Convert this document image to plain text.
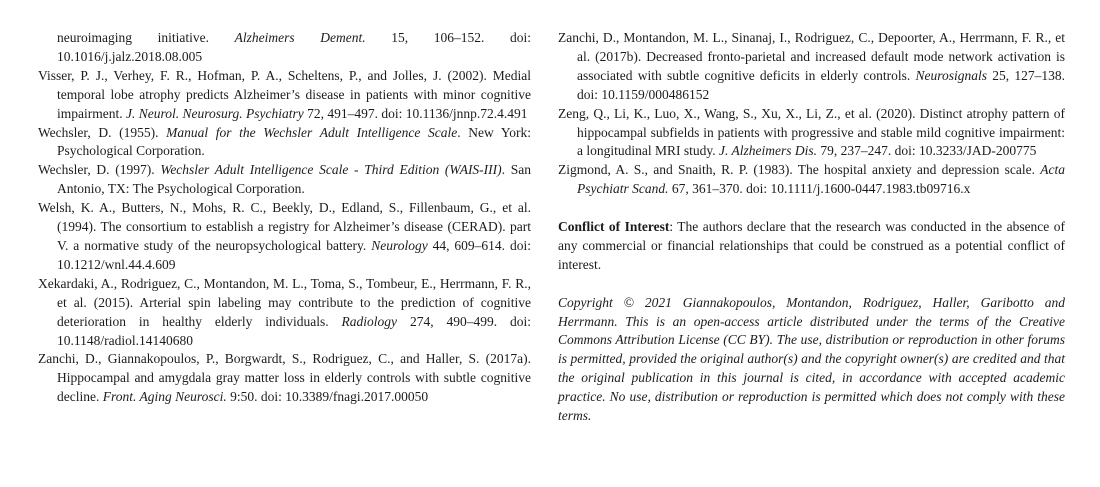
neuroimaging initiative. Alzheimers Dement. 15, 106–152. doi: 10.1016/j.jalz.2018.08.005

Visser, P. J., Verhey, F. R., Hofman, P. A., Scheltens, P., and Jolles, J. (2002). Medial temporal lobe atrophy predicts Alzheimer’s disease in patients with minor cognitive impairment. J. Neurol. Neurosurg. Psychiatry 72, 491–497. doi: 10.1136/jnnp.72.4.491

Wechsler, D. (1955). Manual for the Wechsler Adult Intelligence Scale. New York: Psychological Corporation.

Wechsler, D. (1997). Wechsler Adult Intelligence Scale - Third Edition (WAIS-III). San Antonio, TX: The Psychological Corporation.

Welsh, K. A., Butters, N., Mohs, R. C., Beekly, D., Edland, S., Fillenbaum, G., et al. (1994). The consortium to establish a registry for Alzheimer’s disease (CERAD). part V. a normative study of the neuropsychological battery. Neurology 44, 609–614. doi: 10.1212/wnl.44.4.609

Xekardaki, A., Rodriguez, C., Montandon, M. L., Toma, S., Tombeur, E., Herrmann, F. R., et al. (2015). Arterial spin labeling may contribute to the prediction of cognitive deterioration in healthy elderly individuals. Radiology 274, 490–499. doi: 10.1148/radiol.14140680

Zanchi, D., Giannakopoulos, P., Borgwardt, S., Rodriguez, C., and Haller, S. (2017a). Hippocampal and amygdala gray matter loss in elderly controls with subtle cognitive decline. Front. Aging Neurosci. 9:50. doi: 10.3389/fnagi.2017.00050

Zanchi, D., Montandon, M. L., Sinanaj, I., Rodriguez, C., Depoorter, A., Herrmann, F. R., et al. (2017b). Decreased fronto-parietal and increased default mode network activation is associated with subtle cognitive deficits in elderly controls. Neurosignals 25, 127–138. doi: 10.1159/000486152

Zeng, Q., Li, K., Luo, X., Wang, S., Xu, X., Li, Z., et al. (2020). Distinct atrophy pattern of hippocampal subfields in patients with progressive and stable mild cognitive impairment: a longitudinal MRI study. J. Alzheimers Dis. 79, 237–247. doi: 10.3233/JAD-200775

Zigmond, A. S., and Snaith, R. P. (1983). The hospital anxiety and depression scale. Acta Psychiatr Scand. 67, 361–370. doi: 10.1111/j.1600-0447.1983.tb09716.x

Conflict of Interest: The authors declare that the research was conducted in the absence of any commercial or financial relationships that could be construed as a potential conflict of interest.

Copyright © 2021 Giannakopoulos, Montandon, Rodriguez, Haller, Garibotto and Herrmann. This is an open-access article distributed under the terms of the Creative Commons Attribution License (CC BY). The use, distribution or reproduction in other forums is permitted, provided the original author(s) and the copyright owner(s) are credited and that the original publication in this journal is cited, in accordance with accepted academic practice. No use, distribution or reproduction is permitted which does not comply with these terms.
